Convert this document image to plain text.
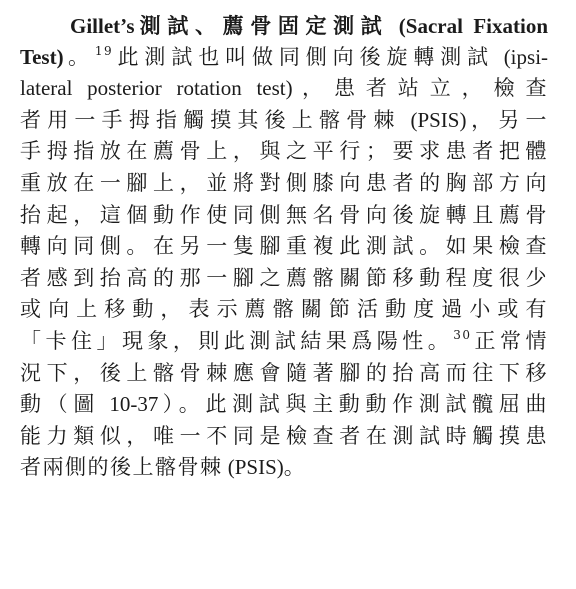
Gillet’s測試、薦骨固定測試 (Sacral Fixation
Test)。$^{19}$此測試也叫做同側向後旋轉測試 (ipsi-
lateral posterior rotation test)，患者站立，檢查
者用一手拇指觸摸其後上髂骨棘 (PSIS)，另一
手拇指放在薦骨上，與之平行；要求患者把體
重放在一腳上，並將對側膝向患者的胸部方向
抬起，這個動作使同側無名骨向後旋轉且薦骨
轉向同側。在另一隻腳重複此測試。如果檢查
者感到抬高的那一腳之薦髂關節移動程度很少
或向上移動，表示薦髂關節活動度過小或有
「卡住」現象，則此測試結果爲陽性。$^{30}$正常情
況下，後上髂骨棘應會隨著腳的抬高而往下移
動（圖 10-37）。此測試與主動動作測試髖屈曲
能力類似，唯一不同是檢查者在測試時觸摸患
者兩側的後上髂骨棘 (PSIS)。
